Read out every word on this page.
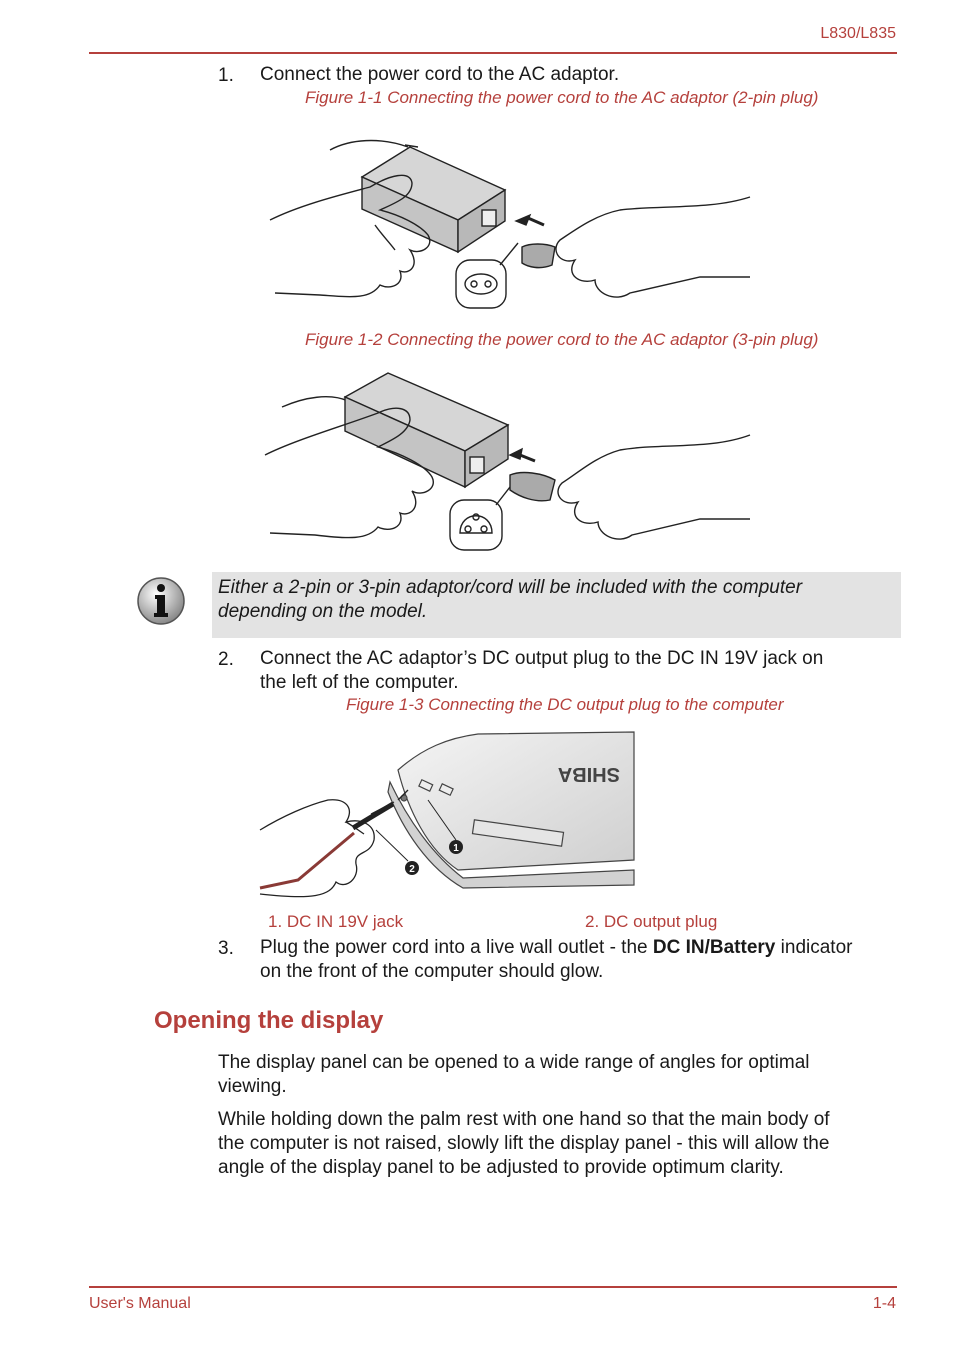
L830/L835
1. Connect the power cord to the AC adaptor.
Figure 1-1 Connecting the power cord to the AC adaptor (2-pin plug)
Figure 1-2 Connecting the power cord to the AC adaptor (3-pin plug)
Either a 2-pin or 3-pin adaptor/cord will be included with the computer
depending on the model.
2. Connect the AC adaptor’s DC output plug to the DC IN 19V jack on
the left of the computer.
Figure 1-3 Connecting the DC output plug to the computer
SHIBA
1
2
1. DC IN 19V jack	2. DC output plug
3. Plug the power cord into a live wall outlet - the DC IN/Battery indicator
on the front of the computer should glow.
Opening the display
The display panel can be opened to a wide range of angles for optimal
viewing.
While holding down the palm rest with one hand so that the main body of
the computer is not raised, slowly lift the display panel - this will allow the
angle of the display panel to be adjusted to provide optimum clarity.
User's Manual	1-4
